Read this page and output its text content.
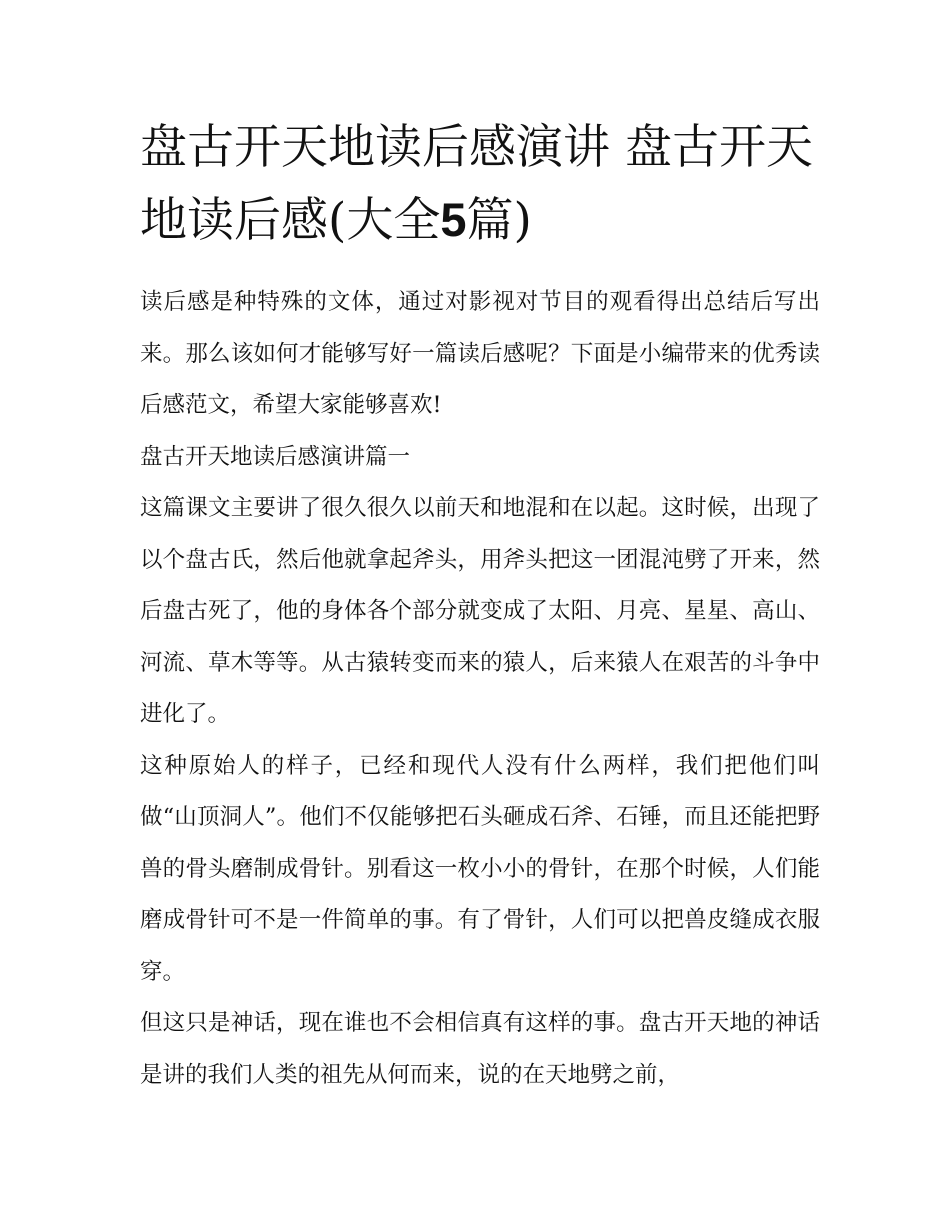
盘古开天地读后感演讲 盘古开天地读后感(大全5篇)

读后感是种特殊的文体，通过对影视对节目的观看得出总结后写出来。那么该如何才能够写好一篇读后感呢？下面是小编带来的优秀读后感范文，希望大家能够喜欢!

盘古开天地读后感演讲篇一

这篇课文主要讲了很久很久以前天和地混和在以起。这时候，出现了以个盘古氏，然后他就拿起斧头，用斧头把这一团混沌劈了开来，然后盘古死了，他的身体各个部分就变成了太阳、月亮、星星、高山、河流、草木等等。从古猿转变而来的猿人，后来猿人在艰苦的斗争中进化了。

这种原始人的样子，已经和现代人没有什么两样，我们把他们叫做“山顶洞人”。他们不仅能够把石头砸成石斧、石锤，而且还能把野兽的骨头磨制成骨针。别看这一枚小小的骨针，在那个时候，人们能磨成骨针可不是一件简单的事。有了骨针，人们可以把兽皮缝成衣服穿。

但这只是神话，现在谁也不会相信真有这样的事。盘古开天地的神话是讲的我们人类的祖先从何而来，说的在天地劈之前，
